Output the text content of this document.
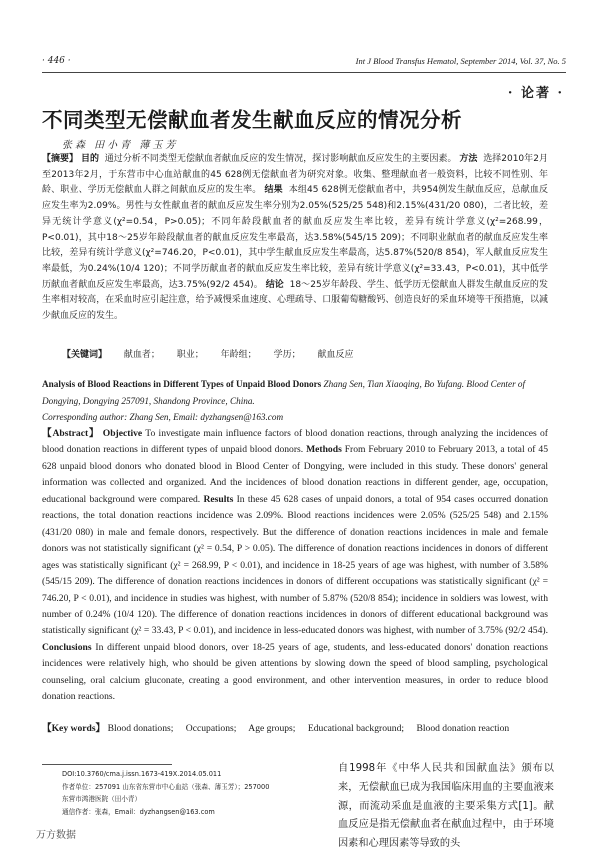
· 446 ·	Int J Blood Transfus Hematol, September 2014, Vol. 37, No. 5
· 论著 ·
不同类型无偿献血者发生献血反应的情况分析
张森 田小青 薄玉芳
【摘要】 目的 通过分析不同类型无偿献血者献血反应的发生情况，探讨影响献血反应发生的主要因素。 方法 选择2010年2月至2013年2月，于东营市中心血站献血的45 628例无偿献血者为研究对象。收集、整理献血者一般资料，比较不同性别、年龄、职业、学历无偿献血人群之间献血反应的发生率。 结果 本组45 628例无偿献血者中，共954例发生献血反应，总献血反应发生率为2.09%。男性与女性献血者的献血反应发生率分别为2.05%(525/25 548)和2.15%(431/20 080)，二者比较，差异无统计学意义(χ²=0.54，P>0.05)；不同年龄段献血者的献血反应发生率比较，差异有统计学意义(χ²=268.99，P<0.01)，其中18～25岁年龄段献血者的献血反应发生率最高，达3.58%(545/15 209)；不同职业献血者的献血反应发生率比较，差异有统计学意义(χ²=746.20，P<0.01)，其中学生献血反应发生率最高，达5.87%(520/8 854)，军人献血反应发生率最低，为0.24%(10/4 120)；不同学历献血者的献血反应发生率比较，差异有统计学意义(χ²=33.43，P<0.01)，其中低学历献血者献血反应发生率最高，达3.75%(92/2 454)。 结论 18～25岁年龄段、学生、低学历无偿献血人群发生献血反应的发生率相对较高，在采血时应引起注意，给予减慢采血速度、心理疏导、口服葡萄糖酸钙、创造良好的采血环境等干预措施，以减少献血反应的发生。
【关键词】 献血者； 职业； 年龄组； 学历； 献血反应
Analysis of Blood Reactions in Different Types of Unpaid Blood Donors Zhang Sen, Tian Xiaoqing, Bo Yufang. Blood Center of Dongying, Dongying 257091, Shandong Province, China.
Corresponding author: Zhang Sen, Email: dyzhangsen@163.com
【Abstract】 Objective To investigate main influence factors of blood donation reactions, through analyzing the incidences of blood donation reactions in different types of unpaid blood donors. Methods From February 2010 to February 2013, a total of 45 628 unpaid blood donors who donated blood in Blood Center of Dongying, were included in this study. These donors' general information was collected and organized. And the incidences of blood donation reactions in different gender, age, occupation, educational background were compared. Results In these 45 628 cases of unpaid donors, a total of 954 cases occurred donation reactions, the total donation reactions incidence was 2.09%. Blood reactions incidences were 2.05% (525/25 548) and 2.15% (431/20 080) in male and female donors, respectively. But the difference of donation reactions incidences in male and female donors was not statistically significant (χ² = 0.54, P > 0.05). The difference of donation reactions incidences in donors of different ages was statistically significant (χ² = 268.99, P < 0.01), and incidence in 18-25 years of age was highest, with number of 3.58% (545/15 209). The difference of donation reactions incidences in donors of different occupations was statistically significant (χ² = 746.20, P < 0.01), and incidence in studies was highest, with number of 5.87% (520/8 854); incidence in soldiers was lowest, with number of 0.24% (10/4 120). The difference of donation reactions incidences in donors of different educational background was statistically significant (χ² = 33.43, P < 0.01), and incidence in less-educated donors was highest, with number of 3.75% (92/2 454). Conclusions In different unpaid blood donors, over 18-25 years of age, students, and less-educated donors' donation reactions incidences were relatively high, who should be given attentions by slowing down the speed of blood sampling, psychological counseling, oral calcium gluconate, creating a good environment, and other intervention measures, in order to reduce blood donation reactions.
【Key words】 Blood donations; Occupations; Age groups; Educational background; Blood donation reaction
DOI:10.3760/cma.j.issn.1673-419X.2014.05.011
作者单位：257091 山东省东营市中心血站（张森、薄玉芳）；257000
东营市鸿港医院（田小青）
通信作者：张森，Email：dyzhangsen@163.com
自1998年《中华人民共和国献血法》颁布以来，无偿献血已成为我国临床用血的主要血液来源，而流动采血是血液的主要采集方式[1]。献血反应是指无偿献血者在献血过程中，由于环境因素和心理因素等导致的头
万方数据
